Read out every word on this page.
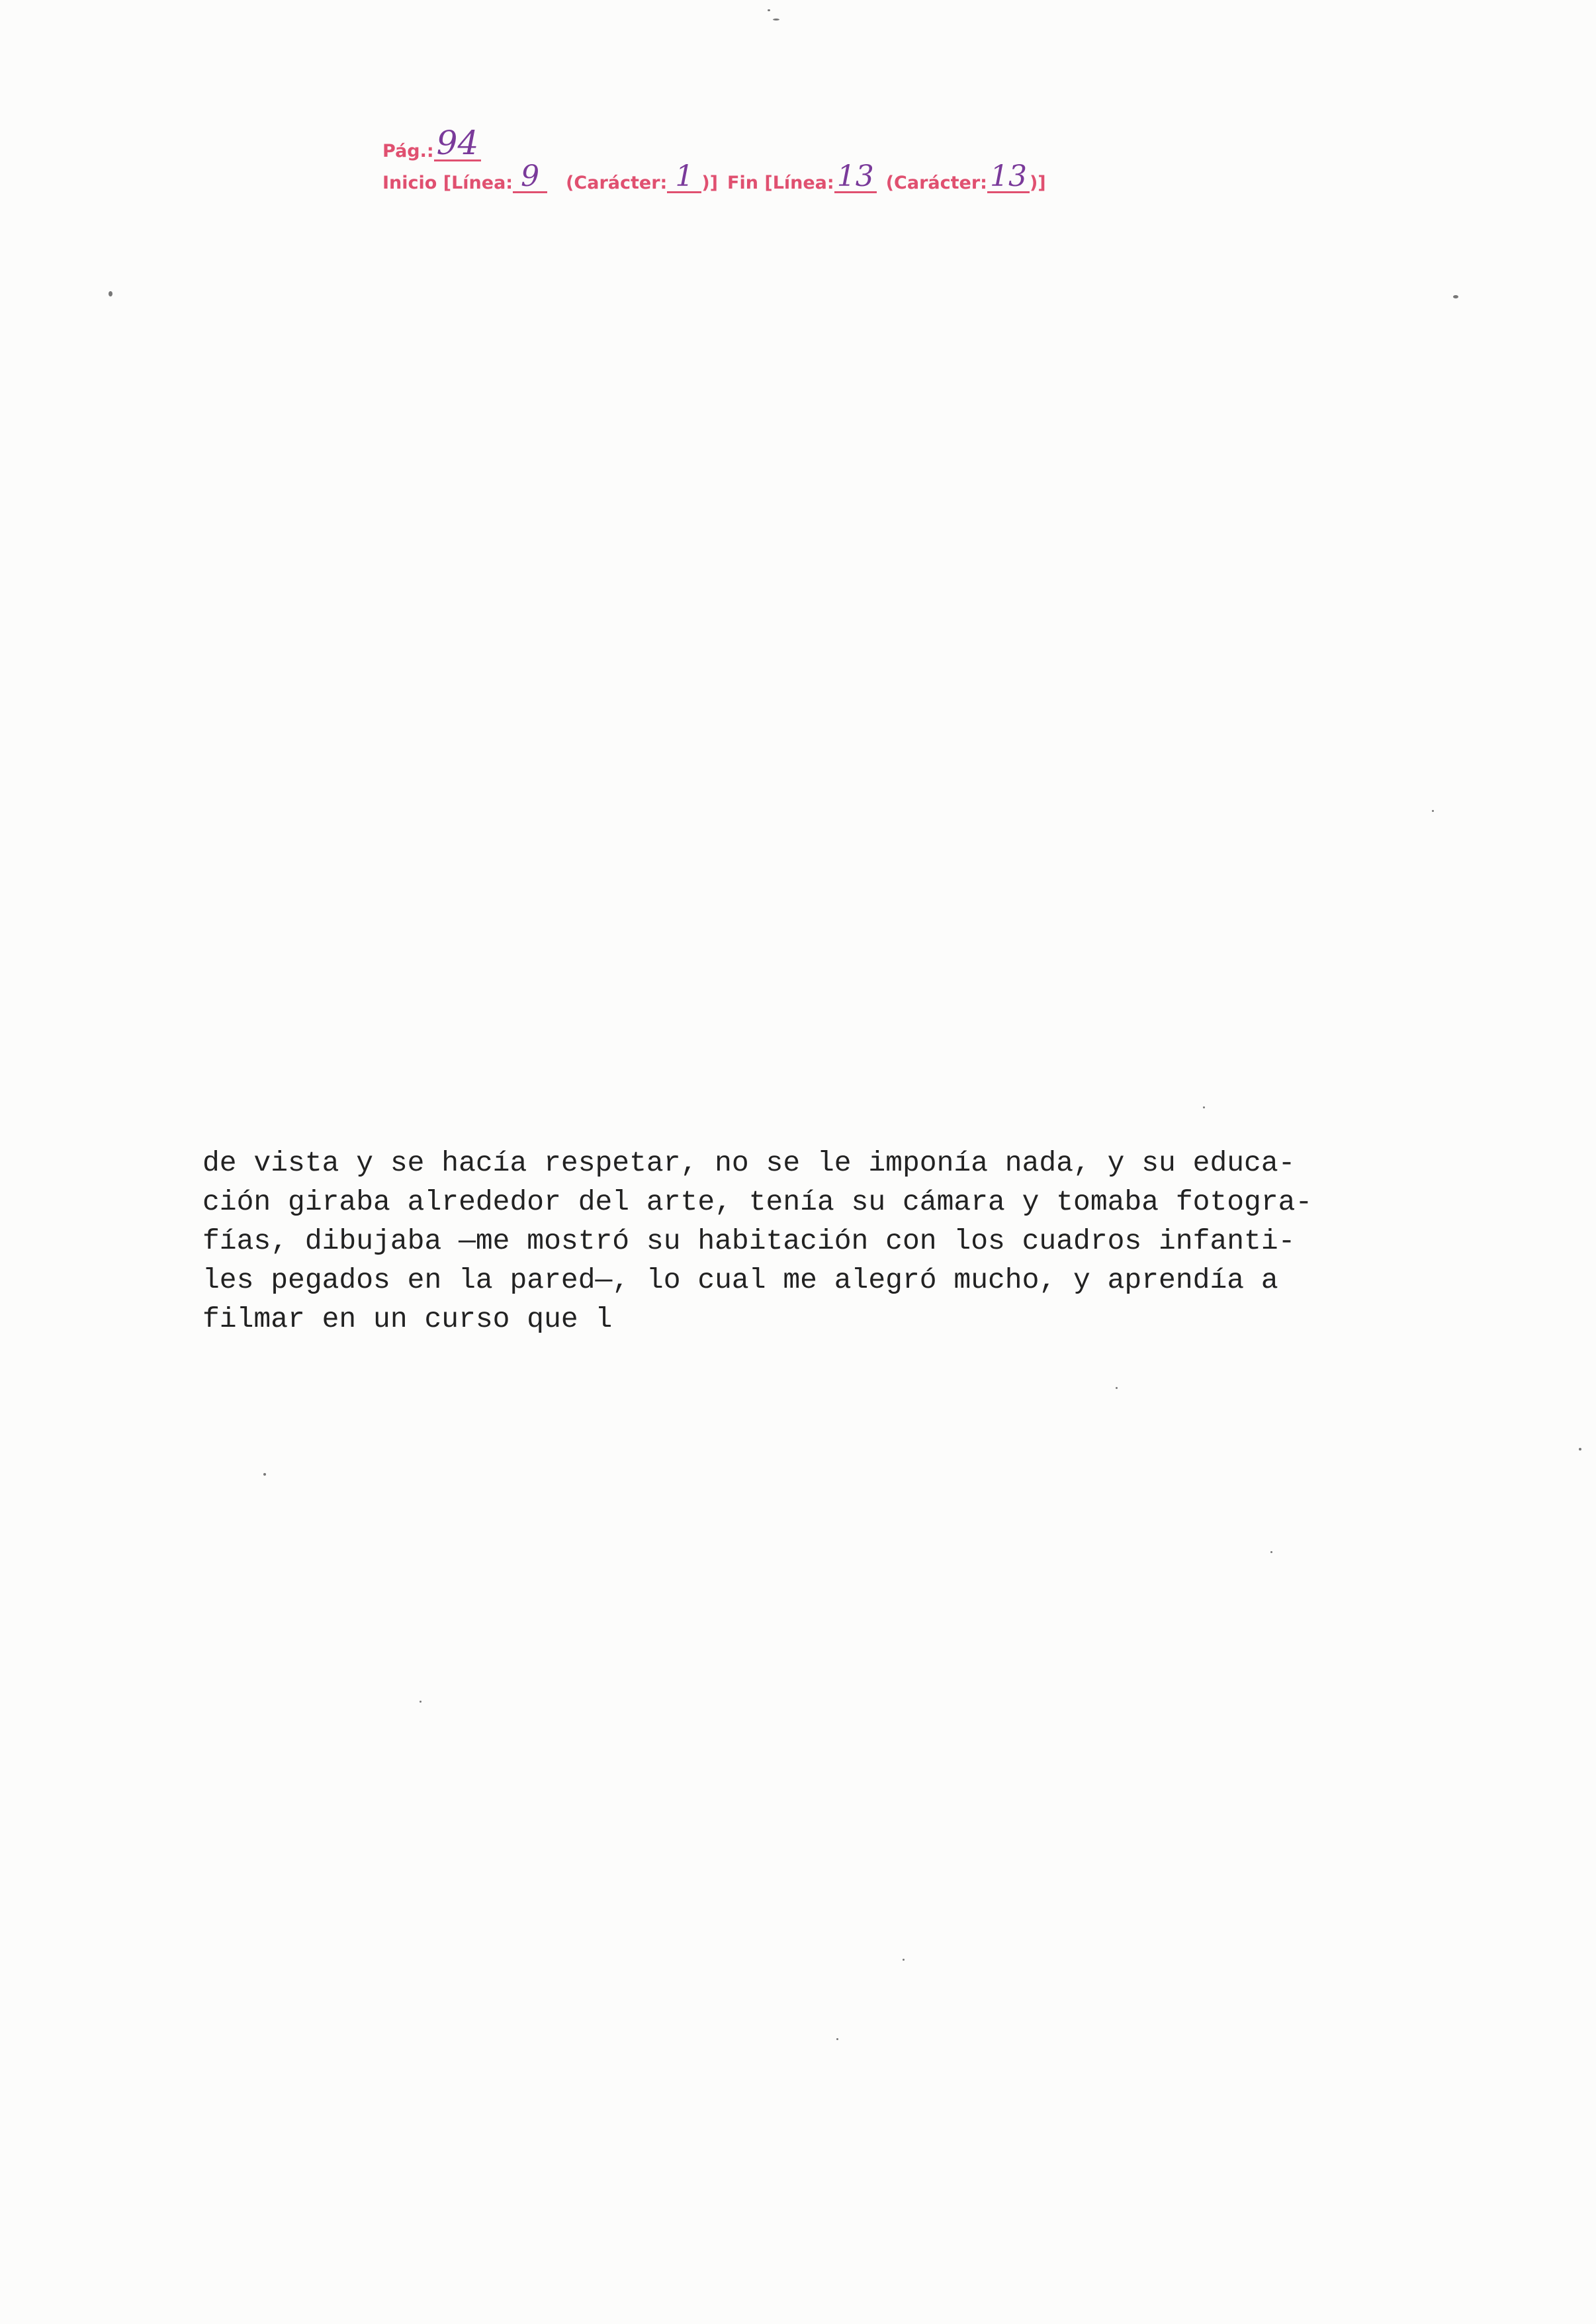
Pág.: 94
Inicio [Línea: 9	(Carácter: 1 )] Fin [Línea: 13 (Carácter: 13 )]
de vista y se hacía respetar, no se le imponía nada, y su educa-
ción giraba alrededor del arte, tenía su cámara y tomaba fotogra-
fías, dibujaba —me mostró su habitación con los cuadros infanti-
les pegados en la pared—, lo cual me alegró mucho, y aprendía a
filmar en un curso que l
